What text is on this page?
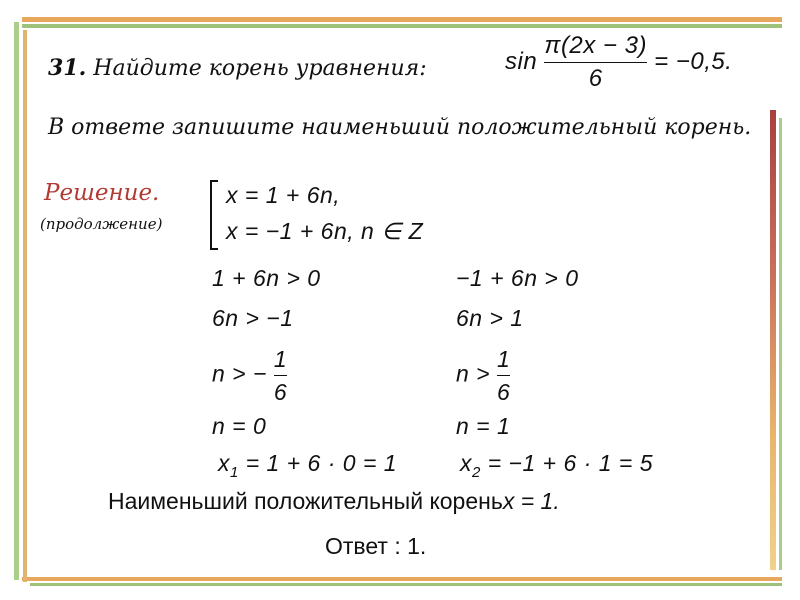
31. Найдите корень уравнения:	$\sin \frac{\pi(2x - 3)}{6} = -0,5$.
В ответе запишите наименьший положительный корень.
Решение.
(продолжение)
x = 1 + 6n,
x = −1 + 6n, n ∈ Z
1 + 6n > 0
6n > −1
n > − $\frac{1}{6}$
n = 0
$x_1 = 1 + 6 \cdot 0 = 1$
−1 + 6n > 0
6n > 1
$n > \frac{1}{6}$
n = 1
$x_2 = -1 + 6 \cdot 1 = 5$
Наименьший положительный кореньx = 1.
Ответ : 1.
